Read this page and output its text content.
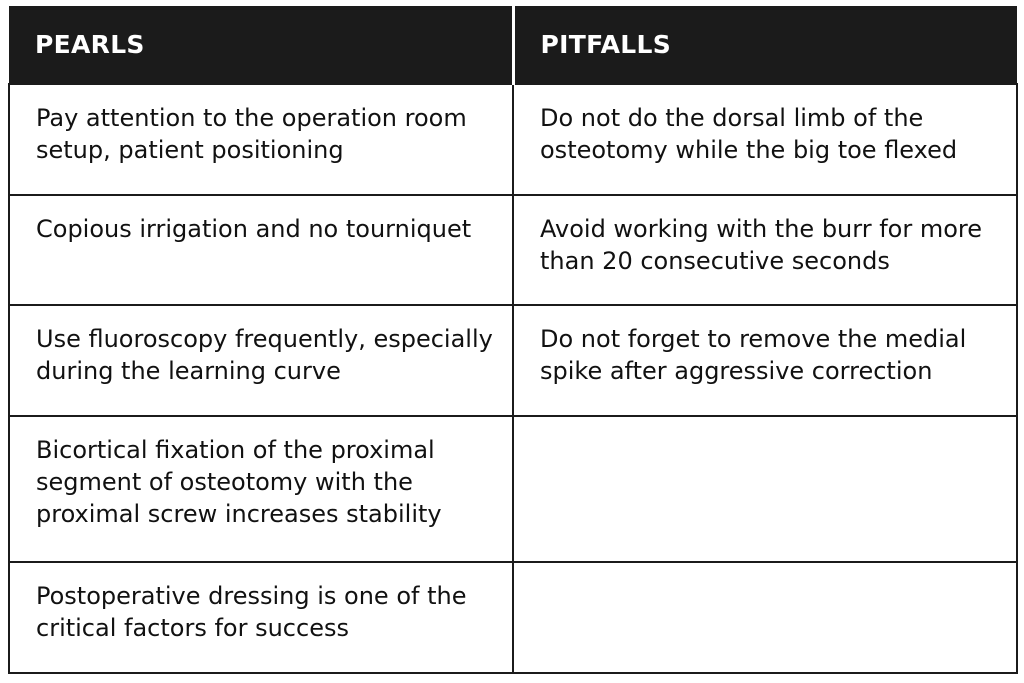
PEARLS	PITFALLS
Pay attention to the operation room setup, patient positioning	Do not do the dorsal limb of the osteotomy while the big toe flexed
Copious irrigation and no tourniquet	Avoid working with the burr for more than 20 consecutive seconds
Use fluoroscopy frequently, especially during the learning curve	Do not forget to remove the medial spike after aggressive correction
Bicortical fixation of the proximal segment of osteotomy with the proximal screw increases stability	
Postoperative dressing is one of the critical factors for success	
